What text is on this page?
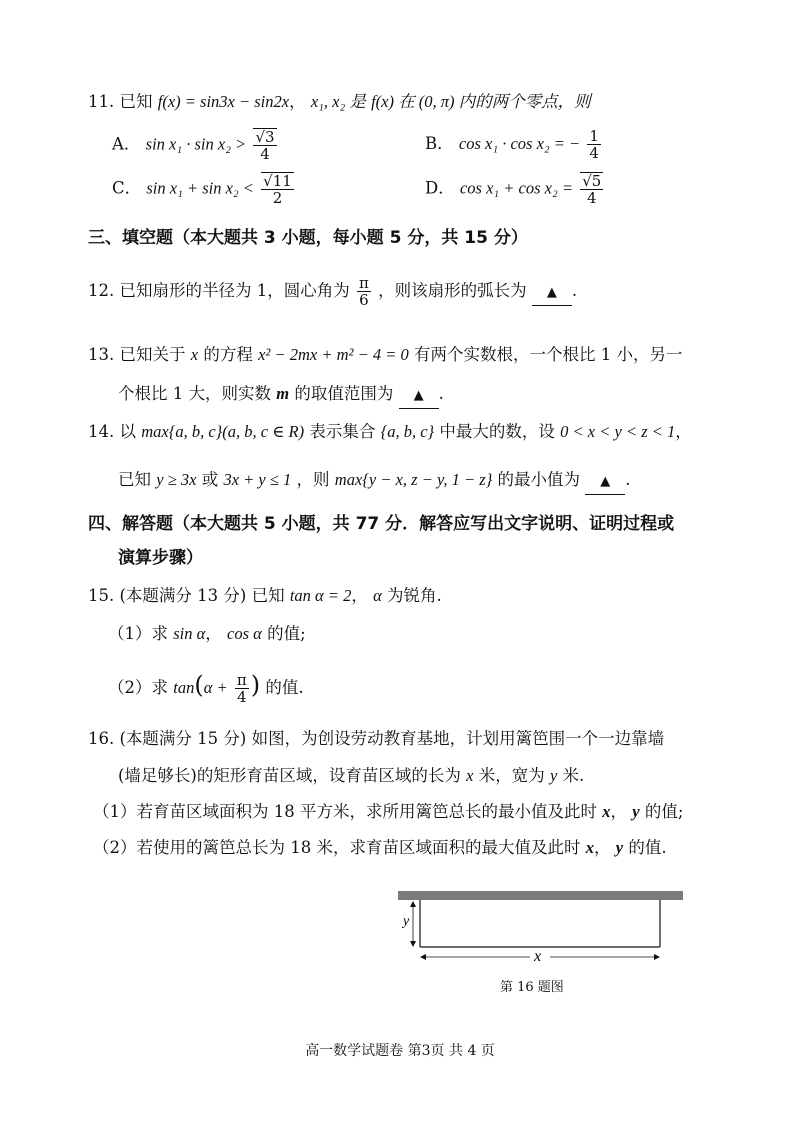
11. 已知 f(x) = sin3x − sin2x， x₁, x₂ 是 f(x) 在 (0, π) 内的两个零点，则
A． $\sin x_1 \cdot \sin x_2 > \frac{√3}{4}$	B． cos x₁ · cos x₂ = − $\frac{1}{4}$
C． $\sin x_1 + \sin x_2 < \frac{√11}{2}$	D． $\cos x_1 + \cos x_2 = \frac{√5}{4}$
三、填空题（本大题共 3 小题，每小题 5 分，共 15 分）
12. 已知扇形的半径为 1，圆心角为 $\frac{\pi}{6}$ ，则该扇形的弧长为 ▲ .
13. 已知关于 x 的方程 x² − 2mx + m² − 4 = 0 有两个实数根，一个根比 1 小，另一
个根比 1 大，则实数 m 的取值范围为 ▲ .
14. 以 max{a, b, c}(a, b, c ∈ R) 表示集合 {a, b, c} 中最大的数，设 0 < x < y < z < 1，
已知 y ≥ 3x 或 3x + y ≤ 1 ，则 max{y − x, z − y, 1 − z} 的最小值为 ▲ .
四、解答题（本大题共 5 小题，共 77 分．解答应写出文字说明、证明过程或
演算步骤）
15. (本题满分 13 分) 已知 tan α = 2， α 为锐角.
（1）求 sin α， cos α 的值;
（2）求 $\tan(\alpha + \frac{\pi}{4}$ ) 的值.
16. (本题满分 15 分) 如图，为创设劳动教育基地，计划用篱笆围一个一边靠墙
(墙足够长)的矩形育苗区域，设育苗区域的长为 x 米，宽为 y 米.
（1）若育苗区域面积为 18 平方米，求所用篱笆总长的最小值及此时 x， y 的值;
（2）若使用的篱笆总长为 18 米，求育苗区域面积的最大值及此时 x， y 的值.
y
x
第 16 题图
高一数学试题卷 第3页 共 4 页
